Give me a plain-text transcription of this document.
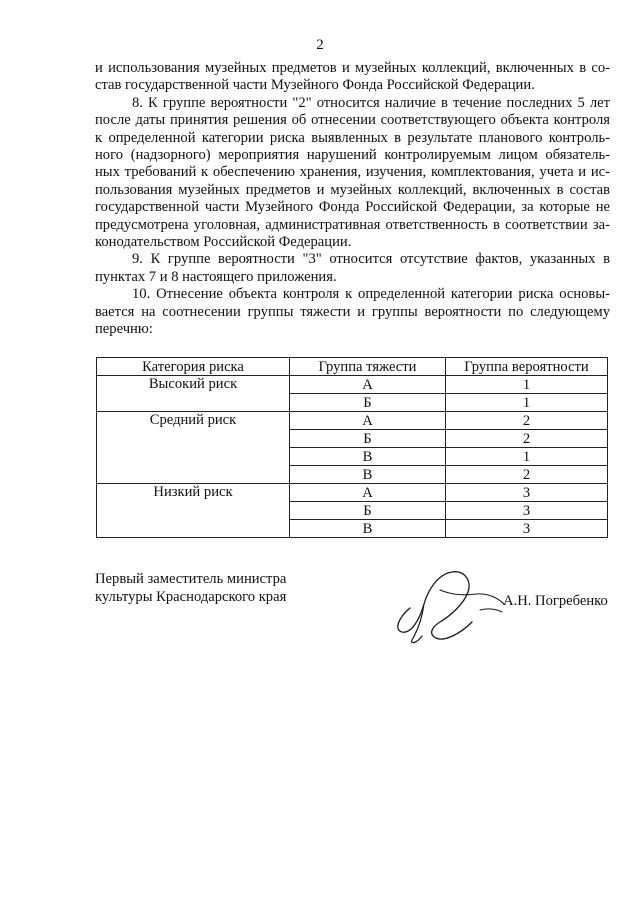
2

и использования музейных предметов и музейных коллекций, включенных в со-став государственной части Музейного Фонда Российской Федерации.

8. К группе вероятности "2" относится наличие в течение последних 5 лет после даты принятия решения об отнесении соответствующего объекта контроля к определенной категории риска выявленных в результате планового контроль-ного (надзорного) мероприятия нарушений контролируемым лицом обязатель-ных требований к обеспечению хранения, изучения, комплектования, учета и ис-пользования музейных предметов и музейных коллекций, включенных в состав государственной части Музейного Фонда Российской Федерации, за которые не предусмотрена уголовная, административная ответственность в соответствии за-конодательством Российской Федерации.

9. К группе вероятности "3" относится отсутствие фактов, указанных в пунктах 7 и 8 настоящего приложения.

10. Отнесение объекта контроля к определенной категории риска основы-вается на соотнесении группы тяжести и группы вероятности по следующему перечню:

Категория риска	Группа тяжести	Группа вероятности
Высокий риск	А	1
	Б	1
Средний риск	А	2
	Б	2
	В	1
	В	2
Низкий риск	А	3
	Б	3
	В	3
Первый заместитель министра
культуры Краснодарского края	А.Н. Погребенко
